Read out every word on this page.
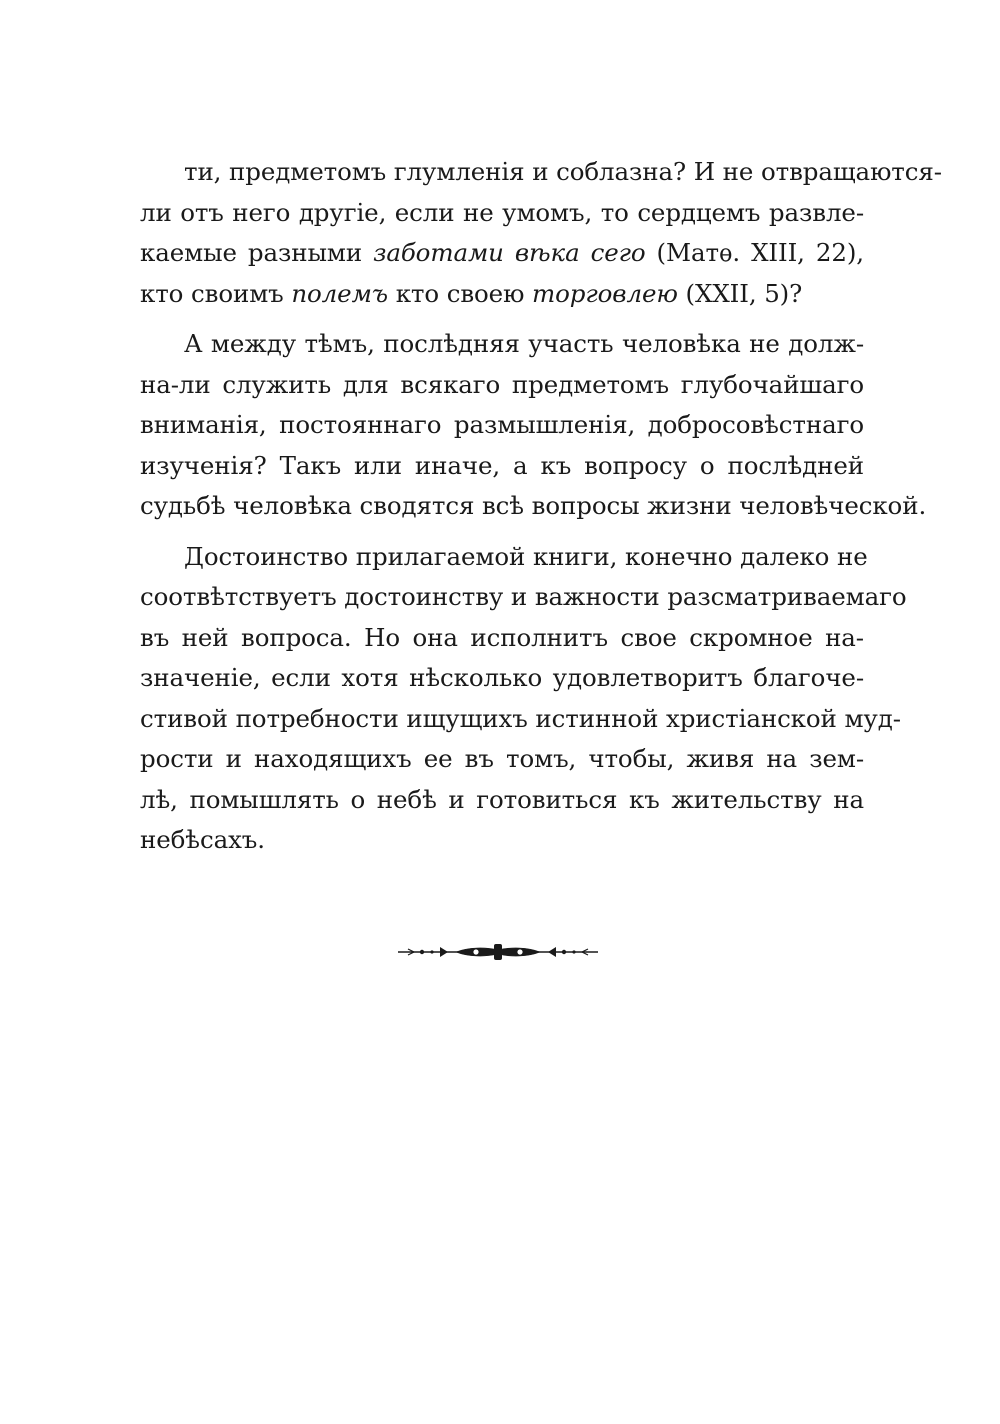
ти, предметомъ глумленія и соблазна? И не отвращаются-
ли отъ него другіе, если не умомъ, то сердцемъ развле-
каемые разными заботами вѣка сего (Матѳ. XIII, 22),
кто своимъ полемъ кто своею торговлею (XXII, 5)?
А между тѣмъ, послѣдняя участь человѣка не долж-
на-ли служить для всякаго предметомъ глубочайшаго
вниманія, постояннаго размышленія, добросовѣстнаго
изученія? Такъ или иначе, а къ вопросу о послѣдней
судьбѣ человѣка сводятся всѣ вопросы жизни человѣческой.
Достоинство прилагаемой книги, конечно далеко не
соотвѣтствуетъ достоинству и важности разсматриваемаго
въ ней вопроса. Но она исполнитъ свое скромное на-
значеніе, если хотя нѣсколько удовлетворитъ благоче-
стивой потребности ищущихъ истинной христіанской муд-
рости и находящихъ ее въ томъ, чтобы, живя на зем-
лѣ, помышлять о небѣ и готовиться къ жительству на
небѣсахъ.
